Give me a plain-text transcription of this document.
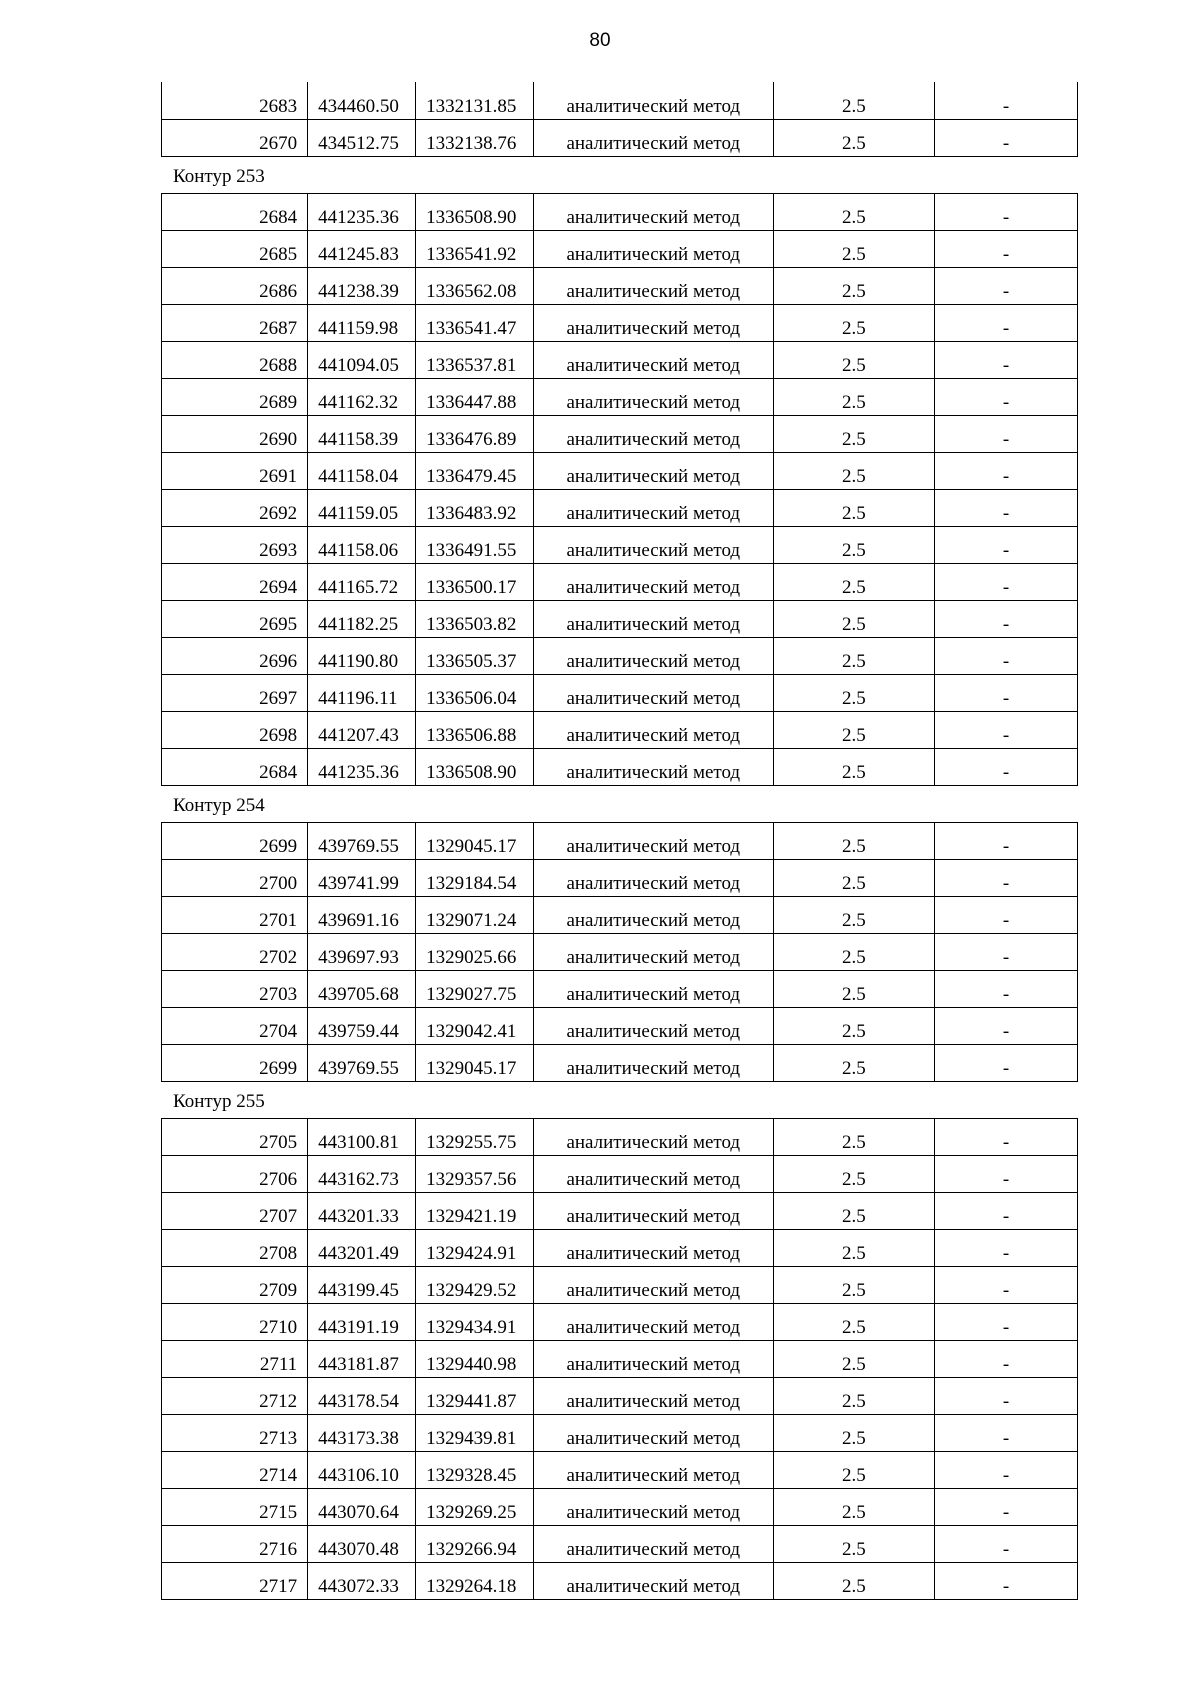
80
2683	434460.50	1332131.85	аналитический метод	2.5	-
2670	434512.75	1332138.76	аналитический метод	2.5	-
Контур 253
2684	441235.36	1336508.90	аналитический метод	2.5	-
2685	441245.83	1336541.92	аналитический метод	2.5	-
2686	441238.39	1336562.08	аналитический метод	2.5	-
2687	441159.98	1336541.47	аналитический метод	2.5	-
2688	441094.05	1336537.81	аналитический метод	2.5	-
2689	441162.32	1336447.88	аналитический метод	2.5	-
2690	441158.39	1336476.89	аналитический метод	2.5	-
2691	441158.04	1336479.45	аналитический метод	2.5	-
2692	441159.05	1336483.92	аналитический метод	2.5	-
2693	441158.06	1336491.55	аналитический метод	2.5	-
2694	441165.72	1336500.17	аналитический метод	2.5	-
2695	441182.25	1336503.82	аналитический метод	2.5	-
2696	441190.80	1336505.37	аналитический метод	2.5	-
2697	441196.11	1336506.04	аналитический метод	2.5	-
2698	441207.43	1336506.88	аналитический метод	2.5	-
2684	441235.36	1336508.90	аналитический метод	2.5	-
Контур 254
2699	439769.55	1329045.17	аналитический метод	2.5	-
2700	439741.99	1329184.54	аналитический метод	2.5	-
2701	439691.16	1329071.24	аналитический метод	2.5	-
2702	439697.93	1329025.66	аналитический метод	2.5	-
2703	439705.68	1329027.75	аналитический метод	2.5	-
2704	439759.44	1329042.41	аналитический метод	2.5	-
2699	439769.55	1329045.17	аналитический метод	2.5	-
Контур 255
2705	443100.81	1329255.75	аналитический метод	2.5	-
2706	443162.73	1329357.56	аналитический метод	2.5	-
2707	443201.33	1329421.19	аналитический метод	2.5	-
2708	443201.49	1329424.91	аналитический метод	2.5	-
2709	443199.45	1329429.52	аналитический метод	2.5	-
2710	443191.19	1329434.91	аналитический метод	2.5	-
2711	443181.87	1329440.98	аналитический метод	2.5	-
2712	443178.54	1329441.87	аналитический метод	2.5	-
2713	443173.38	1329439.81	аналитический метод	2.5	-
2714	443106.10	1329328.45	аналитический метод	2.5	-
2715	443070.64	1329269.25	аналитический метод	2.5	-
2716	443070.48	1329266.94	аналитический метод	2.5	-
2717	443072.33	1329264.18	аналитический метод	2.5	-
